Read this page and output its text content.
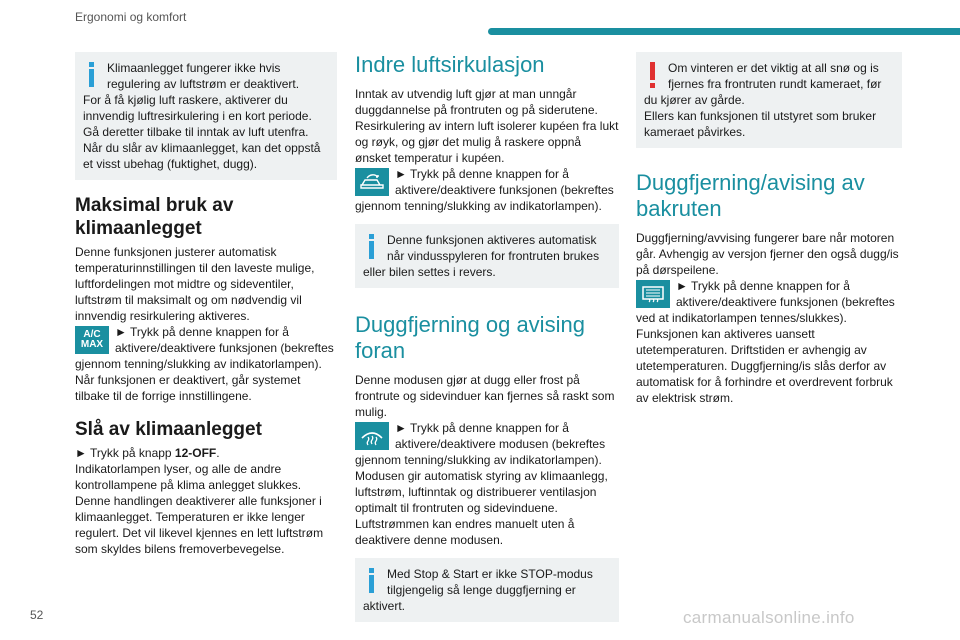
Ergonomi og komfort
Klimaanlegget fungerer ikke hvis regulering av luftstrøm er deaktivert.
For å få kjølig luft raskere, aktiverer du innvendig luftresirkulering i en kort periode. Gå deretter tilbake til inntak av luft utenfra. Når du slår av klimaanlegget, kan det oppstå et visst ubehag (fuktighet, dugg).
Maksimal bruk av klimaanlegget

Denne funksjonen justerer automatisk temperaturinnstillingen til den laveste mulige, luftfordelingen mot midtre og sideventiler, luftstrøm til maksimalt og om nødvendig vil innvendig resirkulering aktiveres.

A/C
MAX
► Trykk på denne knappen for å aktivere/deaktivere funksjonen (bekreftes gjennom tenning/slukking av indikatorlampen).

Når funksjonen er deaktivert, går systemet tilbake til de forrige innstillingene.

Slå av klimaanlegget

► Trykk på knapp 12-OFF.

Indikatorlampen lyser, og alle de andre kontrollampene på klima anlegget slukkes. Denne handlingen deaktiverer alle funksjoner i klimaanlegget. Temperaturen er ikke lenger regulert. Det vil likevel kjennes en lett luftstrøm som skyldes bilens fremoverbevegelse.

Indre luftsirkulasjon

Inntak av utvendig luft gjør at man unngår duggdannelse på frontruten og på siderutene. Resirkulering av intern luft isolerer kupéen fra lukt og røyk, og gjør det mulig å raskere oppnå ønsket temperatur i kupéen.

► Trykk på denne knappen for å aktivere/deaktivere funksjonen (bekreftes gjennom tenning/slukking av indikatorlampen).
Denne funksjonen aktiveres automatisk når vindusspyleren for frontruten brukes eller bilen settes i revers.
Duggfjerning og avising foran

Denne modusen gjør at dugg eller frost på frontrute og sidevinduer kan fjernes så raskt som mulig.

► Trykk på denne knappen for å aktivere/deaktivere modusen (bekreftes gjennom tenning/slukking av indikatorlampen).

Modusen gir automatisk styring av klimaanlegg, luftstrøm, luftinntak og distribuerer ventilasjon optimalt til frontruten og sidevinduene. Luftstrømmen kan endres manuelt uten å deaktivere denne modusen.

Med Stop & Start er ikke STOP-modus tilgjengelig så lenge duggfjerning er aktivert.
Om vinteren er det viktig at all snø og is fjernes fra frontruten rundt kameraet, før du kjører av gårde.
Ellers kan funksjonen til utstyret som bruker kameraet påvirkes.
Duggfjerning/avising av bakruten

Duggfjerning/avvising fungerer bare når motoren går. Avhengig av versjon fjerner den også dugg/is på dørspeilene.

► Trykk på denne knappen for å aktivere/deaktivere funksjonen (bekreftes ved at indikatorlampen tennes/slukkes).

Funksjonen kan aktiveres uansett utetemperaturen. Driftstiden er avhengig av utetemperaturen. Duggfjerning/is slås derfor av automatisk for å forhindre et overdrevent forbruk av elektrisk strøm.

52	carmanualsonline.info
